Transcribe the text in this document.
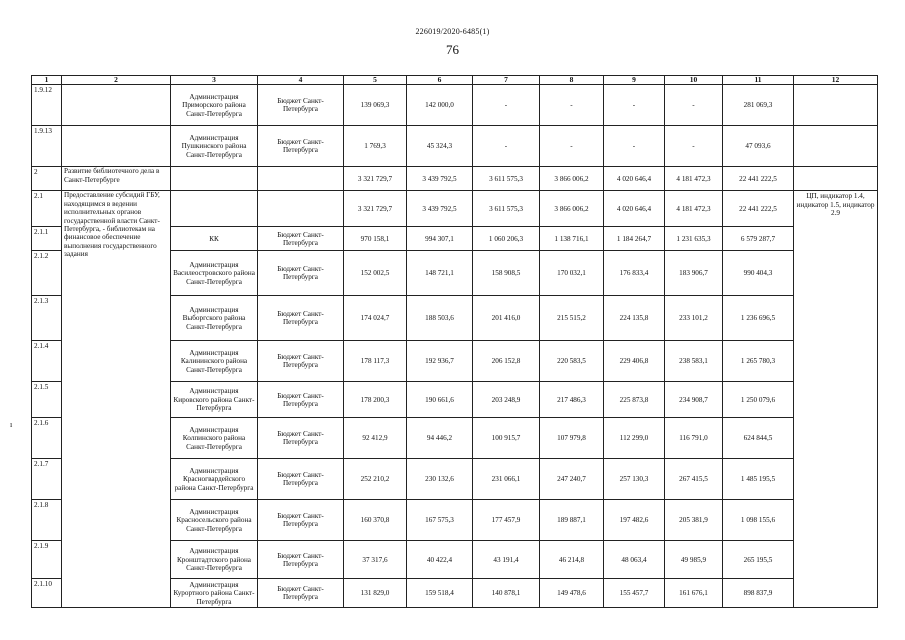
226019/2020-6485(1)
76
ı
1	2	3	4	5	6	7	8	9	10	11	12
1.9.12		Администрация Приморского района Санкт-Петербурга	Бюджет Санкт-Петербурга	139 069,3	142 000,0	-	-	-	-	281 069,3	
1.9.13		Администрация Пушкинского района Санкт-Петербурга	Бюджет Санкт-Петербурга	1 769,3	45 324,3	-	-	-	-	47 093,6	
2	Развитие библиотечного дела в Санкт-Петербурге			3 321 729,7	3 439 792,5	3 611 575,3	3 866 006,2	4 020 646,4	4 181 472,3	22 441 222,5	
2.1	Предоставление субсидий ГБУ, находящимся в ведении исполнительных органов государственной власти Санкт-Петербурга, - библиотекам на финансовое обеспечение выполнения государственного задания			3 321 729,7	3 439 792,5	3 611 575,3	3 866 006,2	4 020 646,4	4 181 472,3	22 441 222,5	ЦП, индикатор 1.4, индикатор 1.5, индикатор 2.9
2.1.1		КК	Бюджет Санкт-Петербурга	970 158,1	994 307,1	1 060 206,3	1 138 716,1	1 184 264,7	1 231 635,3	6 579 287,7	
2.1.2		Администрация Василеостровского района Санкт-Петербурга	Бюджет Санкт-Петербурга	152 002,5	148 721,1	158 908,5	170 032,1	176 833,4	183 906,7	990 404,3	
2.1.3		Администрация Выборгского района Санкт-Петербурга	Бюджет Санкт-Петербурга	174 024,7	188 503,6	201 416,0	215 515,2	224 135,8	233 101,2	1 236 696,5	
2.1.4		Администрация Калининского района Санкт-Петербурга	Бюджет Санкт-Петербурга	178 117,3	192 936,7	206 152,8	220 583,5	229 406,8	238 583,1	1 265 780,3	
2.1.5		Администрация Кировского района Санкт-Петербурга	Бюджет Санкт-Петербурга	178 200,3	190 661,6	203 248,9	217 486,3	225 873,8	234 908,7	1 250 079,6	
2.1.6		Администрация Колпинского района Санкт-Петербурга	Бюджет Санкт-Петербурга	92 412,9	94 446,2	100 915,7	107 979,8	112 299,0	116 791,0	624 844,5	
2.1.7		Администрация Красногвардейского района Санкт-Петербурга	Бюджет Санкт-Петербурга	252 210,2	230 132,6	231 066,1	247 240,7	257 130,3	267 415,5	1 485 195,5	
2.1.8		Администрация Красносельского района Санкт-Петербурга	Бюджет Санкт-Петербурга	160 370,8	167 575,3	177 457,9	189 887,1	197 482,6	205 381,9	1 098 155,6	
2.1.9		Администрация Кронштадтского района Санкт-Петербурга	Бюджет Санкт-Петербурга	37 317,6	40 422,4	43 191,4	46 214,8	48 063,4	49 985,9	265 195,5	
2.1.10		Администрация Курортного района Санкт-Петербурга	Бюджет Санкт-Петербурга	131 829,0	159 518,4	140 878,1	149 478,6	155 457,7	161 676,1	898 837,9	
